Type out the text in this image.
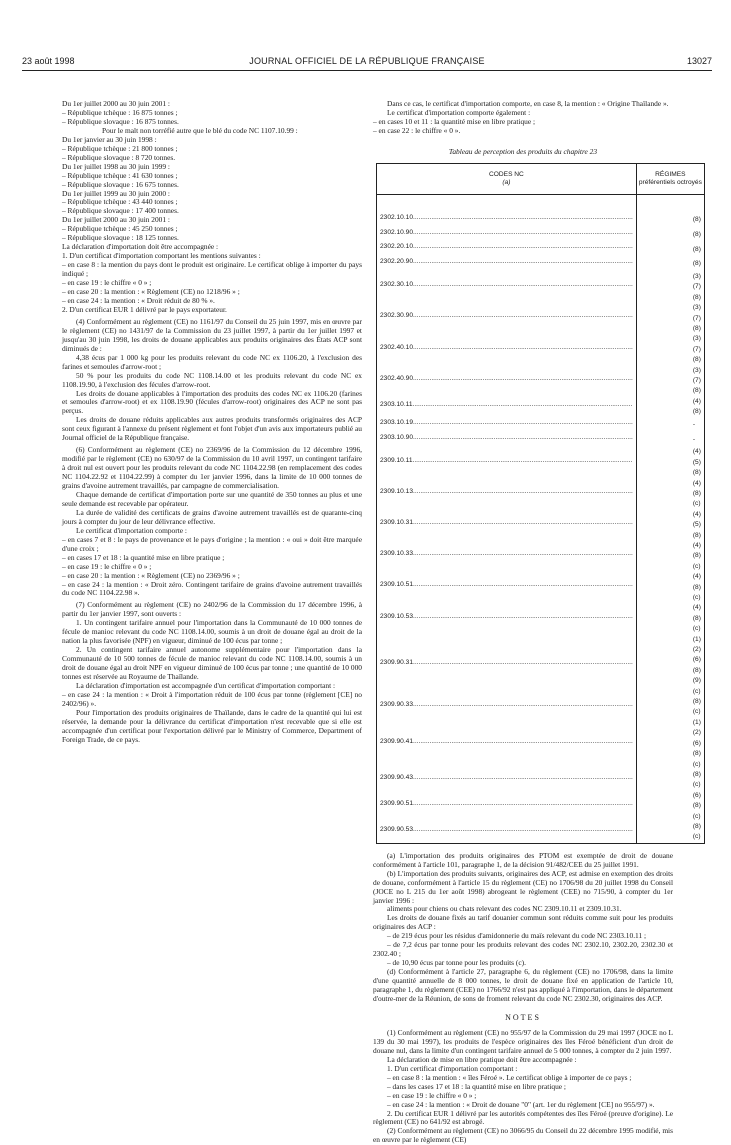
23 août 1998	JOURNAL OFFICIEL DE LA RÉPUBLIQUE FRANÇAISE	13027

Du 1er juillet 2000 au 30 juin 2001 :

– République tchèque : 16 875 tonnes ;

– République slovaque : 16 875 tonnes.

Pour le malt non torréfié autre que le blé du code NC 1107.10.99 :

Du 1er janvier au 30 juin 1998 :

– République tchèque : 21 800 tonnes ;

– République slovaque : 8 720 tonnes.

Du 1er juillet 1998 au 30 juin 1999 :

– République tchèque : 41 630 tonnes ;

– République slovaque : 16 675 tonnes.

Du 1er juillet 1999 au 30 juin 2000 :

– République tchèque : 43 440 tonnes ;

– République slovaque : 17 400 tonnes.

Du 1er juillet 2000 au 30 juin 2001 :

– République tchèque : 45 250 tonnes ;

– République slovaque : 18 125 tonnes.

La déclaration d'importation doit être accompagnée :

1. D'un certificat d'importation comportant les mentions suivantes :

– en case 8 : la mention du pays dont le produit est originaire. Le certificat oblige à importer du pays indiqué ;

– en case 19 : le chiffre « 0 » ;

– en case 20 : la mention : « Règlement (CE) no 1218/96 » ;

– en case 24 : la mention : « Droit réduit de 80 % ».

2. D'un certificat EUR 1 délivré par le pays exportateur.

(4) Conformément au règlement (CE) no 1161/97 du Conseil du 25 juin 1997, mis en œuvre par le règlement (CE) no 1431/97 de la Commission du 23 juillet 1997, à partir du 1er juillet 1997 et jusqu'au 30 juin 1998, les droits de douane applicables aux produits originaires des États ACP sont diminués de :

4,38 écus par 1 000 kg pour les produits relevant du code NC ex 1106.20, à l'exclusion des farines et semoules d'arrow-root ;

50 % pour les produits du code NC 1108.14.00 et les produits relevant du code NC ex 1108.19.90, à l'exclusion des fécules d'arrow-root.

Les droits de douane applicables à l'importation des produits des codes NC ex 1106.20 (farines et semoules d'arrow-root) et ex 1108.19.90 (fécules d'arrow-root) originaires des ACP ne sont pas perçus.

Les droits de douane réduits applicables aux autres produits transformés originaires des ACP sont ceux figurant à l'annexe du présent règlement et font l'objet d'un avis aux importateurs publié au Journal officiel de la République française.

(6) Conformément au règlement (CE) no 2369/96 de la Commission du 12 décembre 1996, modifié par le règlement (CE) no 630/97 de la Commission du 10 avril 1997, un contingent tarifaire à droit nul est ouvert pour les produits relevant du code NC 1104.22.98 (en remplacement des codes NC 1104.22.92 et 1104.22.99) à compter du 1er janvier 1996, dans la limite de 10 000 tonnes de grains d'avoine autrement travaillés, par campagne de commercialisation.

Chaque demande de certificat d'importation porte sur une quantité de 350 tonnes au plus et une seule demande est recevable par opérateur.

La durée de validité des certificats de grains d'avoine autrement travaillés est de quarante-cinq jours à compter du jour de leur délivrance effective.

Le certificat d'importation comporte :

– en cases 7 et 8 : le pays de provenance et le pays d'origine ; la mention : « oui » doit être marquée d'une croix ;

– en cases 17 et 18 : la quantité mise en libre pratique ;

– en case 19 : le chiffre « 0 » ;

– en case 20 : la mention : « Règlement (CE) no 2369/96 » ;

– en case 24 : la mention : « Droit zéro. Contingent tarifaire de grains d'avoine autrement travaillés du code NC 1104.22.98 ».

(7) Conformément au règlement (CE) no 2402/96 de la Commission du 17 décembre 1996, à partir du 1er janvier 1997, sont ouverts :

1. Un contingent tarifaire annuel pour l'importation dans la Communauté de 10 000 tonnes de fécule de manioc relevant du code NC 1108.14.00, soumis à un droit de douane égal au droit de la nation la plus favorisée (NPF) en vigueur, diminué de 100 écus par tonne ;

2. Un contingent tarifaire annuel autonome supplémentaire pour l'importation dans la Communauté de 10 500 tonnes de fécule de manioc relevant du code NC 1108.14.00, soumis à un droit de douane égal au droit NPF en vigueur diminué de 100 écus par tonne ; une quantité de 10 000 tonnes est réservée au Royaume de Thaïlande.

La déclaration d'importation est accompagnée d'un certificat d'importation comportant :

– en case 24 : la mention : « Droit à l'importation réduit de 100 écus par tonne (règlement [CE] no 2402/96) ».

Pour l'importation des produits originaires de Thaïlande, dans le cadre de la quantité qui lui est réservée, la demande pour la délivrance du certificat d'importation n'est recevable que si elle est accompagnée d'un certificat pour l'exportation délivré par le Ministry of Commerce, Department of Foreign Trade, de ce pays.

Dans ce cas, le certificat d'importation comporte, en case 8, la mention : « Origine Thaïlande ».

Le certificat d'importation comporte également :

– en cases 10 et 11 : la quantité mise en libre pratique ;

– en case 22 : le chiffre « 0 ».

Tableau de perception des produits du chapitre 23

CODES NC
(a)	RÉGIMES
préférentiels octroyés

2302.10.10........................................................................................................................	(8)
2302.10.90........................................................................................................................	(8)
2302.20.10........................................................................................................................	(8)
2302.20.90........................................................................................................................	(8)
2302.30.10........................................................................................................................	(3) (7) (8)
2302.30.90........................................................................................................................	(3) (7) (8)
2302.40.10........................................................................................................................	(3) (7) (8)
2302.40.90........................................................................................................................	(3) (7) (8)
2303.10.11........................................................................................................................	(4) (8)
2303.10.19........................................................................................................................	-
2303.10.90........................................................................................................................	-
2309.10.11........................................................................................................................	(4) (5) (8)
2309.10.13........................................................................................................................	(4) (8) (c)
2309.10.31........................................................................................................................	(4) (5) (8)
2309.10.33........................................................................................................................	(4) (8) (c)
2309.10.51........................................................................................................................	(4) (8) (c)
2309.10.53........................................................................................................................	(4) (8) (c)
2309.90.31........................................................................................................................	(1) (2) (6) (8) (9) (c)
2309.90.33........................................................................................................................	(8) (c)
2309.90.41........................................................................................................................	(1) (2) (6) (8) (c)
2309.90.43........................................................................................................................	(8) (c)
2309.90.51........................................................................................................................	(6) (8) (c)
2309.90.53........................................................................................................................	(8) (c)

(a) L'importation des produits originaires des PTOM est exemptée de droit de douane conformément à l'article 101, paragraphe 1, de la décision 91/482/CEE du 25 juillet 1991.

(b) L'importation des produits suivants, originaires des ACP, est admise en exemption des droits de douane, conformément à l'article 15 du règlement (CE) no 1706/98 du 20 juillet 1998 du Conseil (JOCE no L 215 du 1er août 1998) abrogeant le règlement (CEE) no 715/90, à compter du 1er janvier 1996 :

aliments pour chiens ou chats relevant des codes NC 2309.10.11 et 2309.10.31.

Les droits de douane fixés au tarif douanier commun sont réduits comme suit pour les produits originaires des ACP :

– de 219 écus pour les résidus d'amidonnerie du maïs relevant du code NC 2303.10.11 ;

– de 7,2 écus par tonne pour les produits relevant des codes NC 2302.10, 2302.20, 2302.30 et 2302.40 ;

– de 10,90 écus par tonne pour les produits (c).

(d) Conformément à l'article 27, paragraphe 6, du règlement (CE) no 1706/98, dans la limite d'une quantité annuelle de 8 000 tonnes, le droit de douane fixé en application de l'article 10, paragraphe 1, du règlement (CEE) no 1766/92 n'est pas appliqué à l'importation, dans le département d'outre-mer de la Réunion, de sons de froment relevant du code NC 2302.30, originaires des ACP.

NOTES

(1) Conformément au règlement (CE) no 955/97 de la Commission du 29 mai 1997 (JOCE no L 139 du 30 mai 1997), les produits de l'espèce originaires des îles Féroé bénéficient d'un droit de douane nul, dans la limite d'un contingent tarifaire annuel de 5 000 tonnes, à compter du 2 juin 1997.

La déclaration de mise en libre pratique doit être accompagnée :

1. D'un certificat d'importation comportant :

– en case 8 : la mention : « îles Féroé ». Le certificat oblige à importer de ce pays ;

– dans les cases 17 et 18 : la quantité mise en libre pratique ;

– en case 19 : le chiffre « 0 » ;

– en case 24 : la mention : « Droit de douane "0" (art. 1er du règlement [CE] no 955/97) ».

2. Du certificat EUR 1 délivré par les autorités compétentes des îles Féroé (preuve d'origine). Le règlement (CE) no 641/92 est abrogé.

(2) Conformément au règlement (CE) no 3066/95 du Conseil du 22 décembre 1995 modifié, mis en œuvre par le règlement (CE)
